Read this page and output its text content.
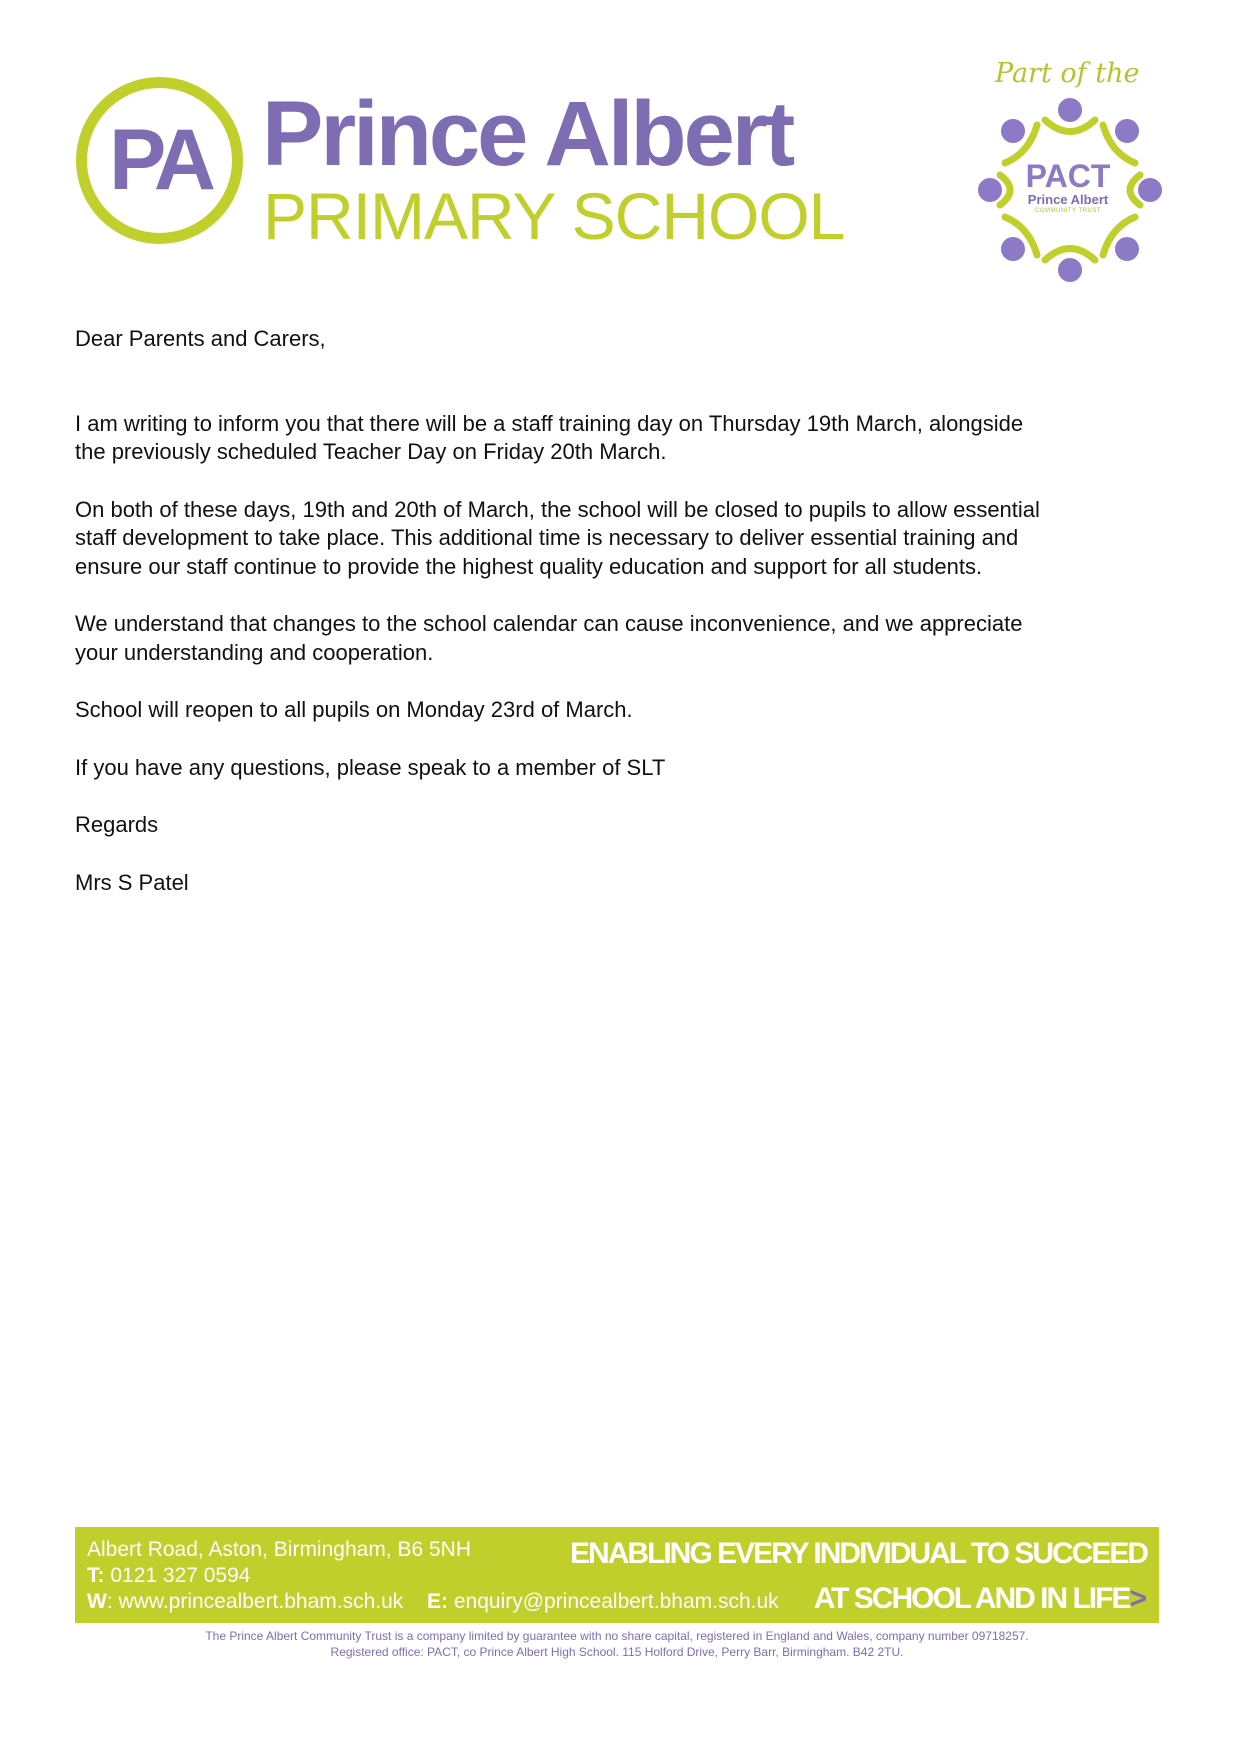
PA Prince Albert
PRIMARY SCHOOL
Part of the
PACT
Prince Albert
COMMUNITY TRUST

Dear Parents and Carers,

I am writing to inform you that there will be a staff training day on Thursday 19th March, alongside

the previously scheduled Teacher Day on Friday 20th March.

On both of these days, 19th and 20th of March, the school will be closed to pupils to allow essential

staff development to take place. This additional time is necessary to deliver essential training and

ensure our staff continue to provide the highest quality education and support for all students.

We understand that changes to the school calendar can cause inconvenience, and we appreciate

your understanding and cooperation.

School will reopen to all pupils on Monday 23rd of March.

If you have any questions, please speak to a member of SLT

Regards

Mrs S Patel

Albert Road, Aston, Birmingham, B6 5NH
T: 0121 327 0594
W: www.princealbert.bham.sch.uk E: enquiry@princealbert.bham.sch.uk
ENABLING EVERY INDIVIDUAL TO SUCCEED
AT SCHOOL AND IN LIFE>
The Prince Albert Community Trust is a company limited by guarantee with no share capital, registered in England and Wales, company number 09718257.
Registered office: PACT, co Prince Albert High School. 115 Holford Drive, Perry Barr, Birmingham. B42 2TU.
